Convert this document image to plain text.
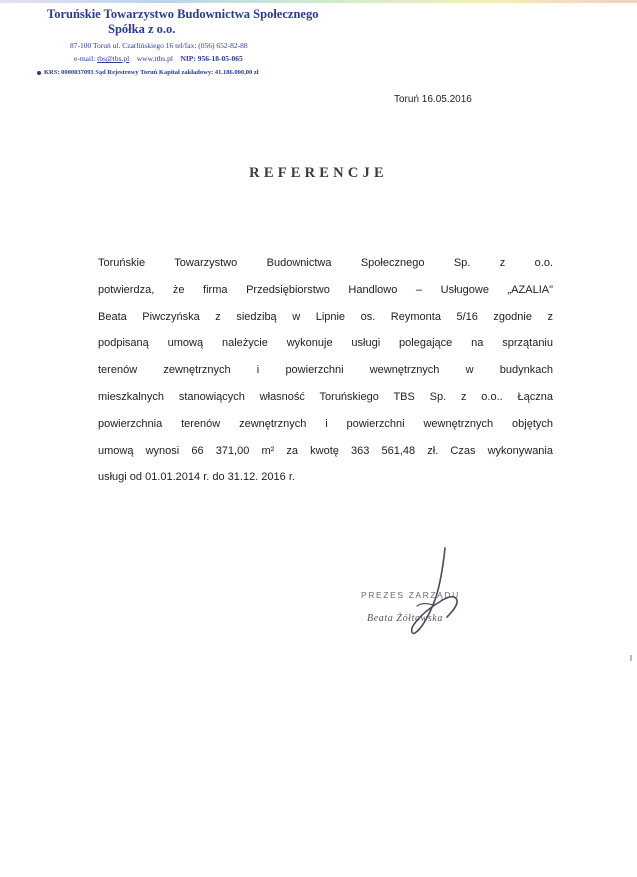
Toruńskie Towarzystwo Budownictwa Społecznego
Spółka z o.o.
87-100 Toruń ul. Czarlińskiego 16 tel/fax: (056) 652-82-88
e-mail: tbs@tbs.pl www.ttbs.pl NIP: 956-18-05-065
KRS: 0000037093 Sąd Rejestrowy Toruń Kapitał zakładowy: 41.186.000,00 zł
Toruń 16.05.2016
REFERENCJE
Toruńskie Towarzystwo Budownictwa Społecznego Sp. z o.o.
potwierdza, że firma Przedsiębiorstwo Handlowo – Usługowe „AZALIA"
Beata Piwczyńska z siedzibą w Lipnie os. Reymonta 5/16 zgodnie z
podpisaną umową należycie wykonuje usługi polegające na sprzątaniu
terenów zewnętrznych i powierzchni wewnętrznych w budynkach
mieszkalnych stanowiących własność Toruńskiego TBS Sp. z o.o.. Łączna
powierzchnia terenów zewnętrznych i powierzchni wewnętrznych objętych
umową wynosi 66 371,00 m² za kwotę 363 561,48 zł. Czas wykonywania
usługi od 01.01.2014 r. do 31.12. 2016 r.
PREZES ZARZĄDU
Beata Żółtowska
